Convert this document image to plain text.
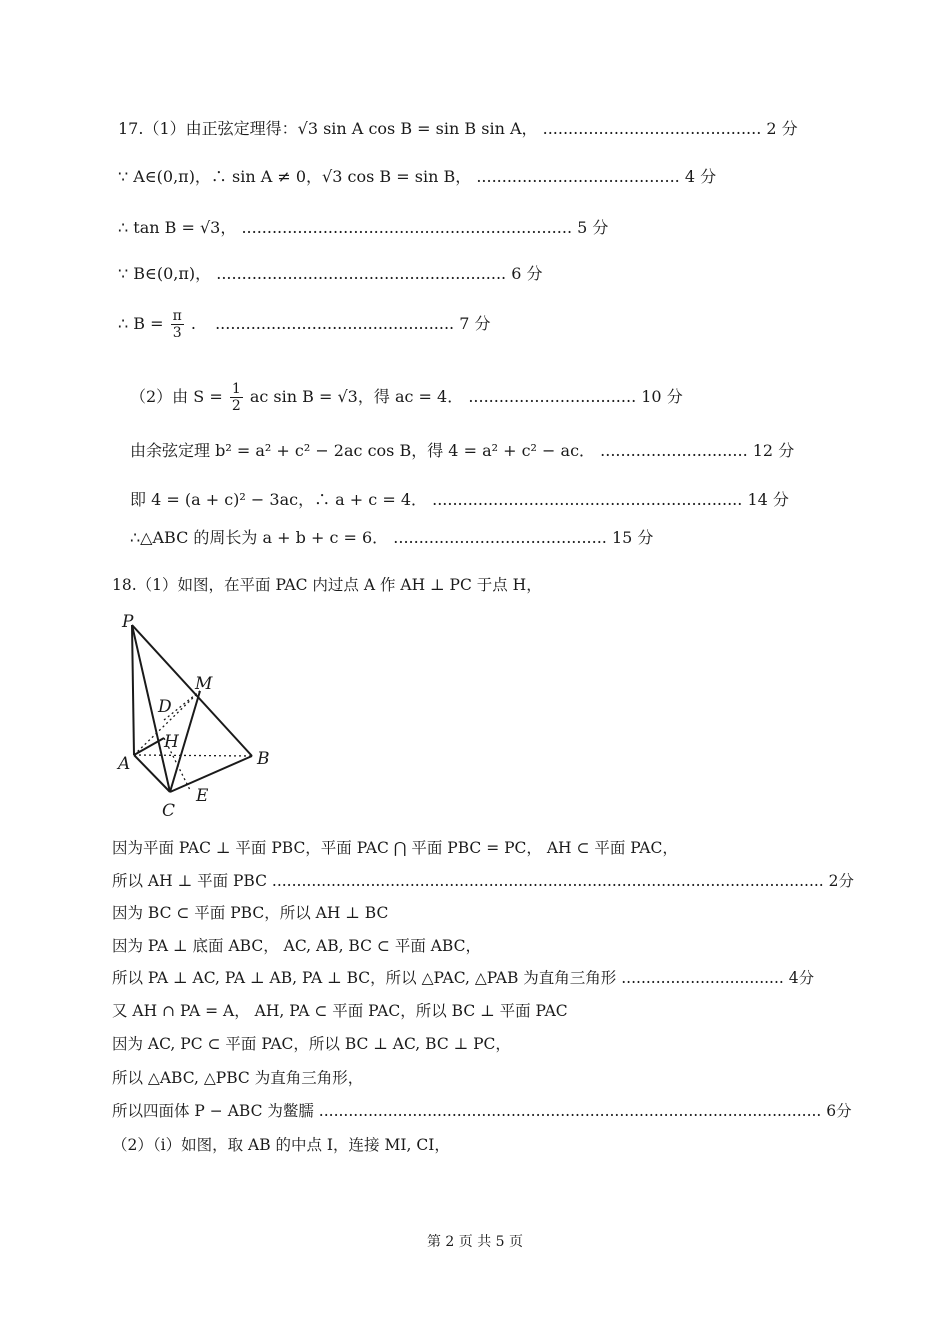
17.（1）由正弦定理得：√3 sin A cos B = sin B sin A， ........................................... 2 分
∵ A∈(0,π)，∴ sin A ≠ 0，√3 cos B = sin B， ........................................ 4 分
∴ tan B = √3， ................................................................. 5 分
∵ B∈(0,π)， ......................................................... 6 分
∴ $B = \frac{\pi}{3}$ . ............................................... 7 分
（2）由 $S = \frac{1}{2}$ ac sin B = √3，得 ac = 4． ................................. 10 分
由余弦定理 b² = a² + c² − 2ac cos B，得 4 = a² + c² − ac． ............................. 12 分
即 4 = (a + c)² − 3ac，∴ a + c = 4． ............................................................. 14 分
∴△ABC 的周长为 a + b + c = 6． .......................................... 15 分
18.（1）如图，在平面 PAC 内过点 A 作 AH ⊥ PC 于点 H，
P
M
D
H
A	B
E
C
因为平面 PAC ⊥ 平面 PBC，平面 PAC ⋂ 平面 PBC = PC， AH ⊂ 平面 PAC，
所以 AH ⊥ 平面 PBC ................................................................................................................ 2分
因为 BC ⊂ 平面 PBC，所以 AH ⊥ BC
因为 PA ⊥ 底面 ABC， AC, AB, BC ⊂ 平面 ABC，
所以 PA ⊥ AC, PA ⊥ AB, PA ⊥ BC，所以 △PAC, △PAB 为直角三角形 ................................. 4分
又 AH ∩ PA = A， AH, PA ⊂ 平面 PAC，所以 BC ⊥ 平面 PAC
因为 AC, PC ⊂ 平面 PAC，所以 BC ⊥ AC, BC ⊥ PC，
所以 △ABC, △PBC 为直角三角形，
所以四面体 P − ABC 为鳖臑 ...................................................................................................... 6分
（2）（ⅰ）如图，取 AB 的中点 I，连接 MI, CI，
第 2 页 共 5 页
